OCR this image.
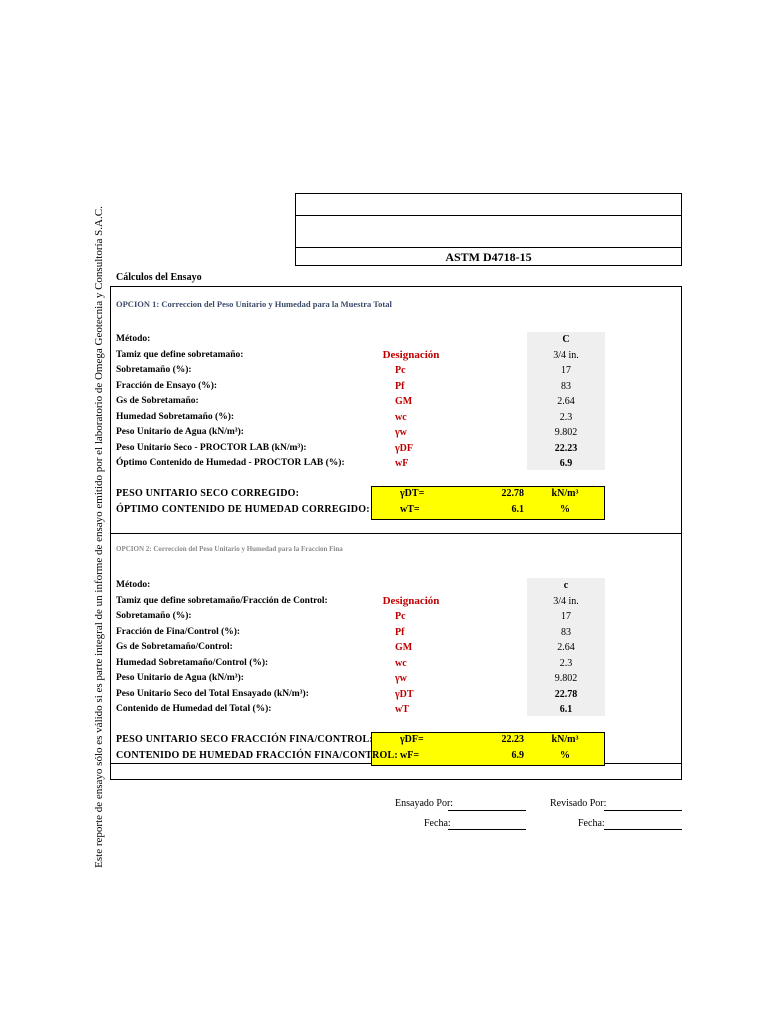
Este reporte de ensayo sólo es válido si es parte integral de un informe de ensayo emitido por el laboratorio de Omega Geotecnia y Consultoría S.A.C.	ASTM D4718-15
Cálculos del Ensayo
OPCION 1: Correccion del Peso Unitario y Humedad para la Muestra Total
Designación
Método:	C
Tamiz que define sobretamaño:	3/4 in.
Sobretamaño (%):	Pc	17
Fracción de Ensayo (%):	Pf	83
Gs de Sobretamaño:	GM	2.64
Humedad Sobretamaño (%):	wc	2.3
Peso Unitario de Agua (kN/m³):	γw	9.802
Peso Unitario Seco - PROCTOR LAB (kN/m³):	γDF	22.23
Óptimo Contenido de Humedad - PROCTOR LAB (%):	wF	6.9
PESO UNITARIO SECO CORREGIDO:	γDT=	22.78	kN/m³
ÓPTIMO CONTENIDO DE HUMEDAD CORREGIDO:	wT=	6.1	%
OPCION 2: Correccion del Peso Unitario y Humedad para la Fraccion Fina
Designación
Método:	c
Tamiz que define sobretamaño/Fracción de Control:	3/4 in.
Sobretamaño (%):	Pc	17
Fracción de Fina/Control (%):	Pf	83
Gs de Sobretamaño/Control:	GM	2.64
Humedad Sobretamaño/Control (%):	wc	2.3
Peso Unitario de Agua (kN/m³):	γw	9.802
Peso Unitario Seco del Total Ensayado (kN/m³):	γDT	22.78
Contenido de Humedad del Total (%):	wT	6.1
PESO UNITARIO SECO FRACCIÓN FINA/CONTROL:	γDF=	22.23	kN/m³
CONTENIDO DE HUMEDAD FRACCIÓN FINA/CONTROL: wF=	6.9	%
Ensayado Por:	Revisado Por:
Fecha:	Fecha:
